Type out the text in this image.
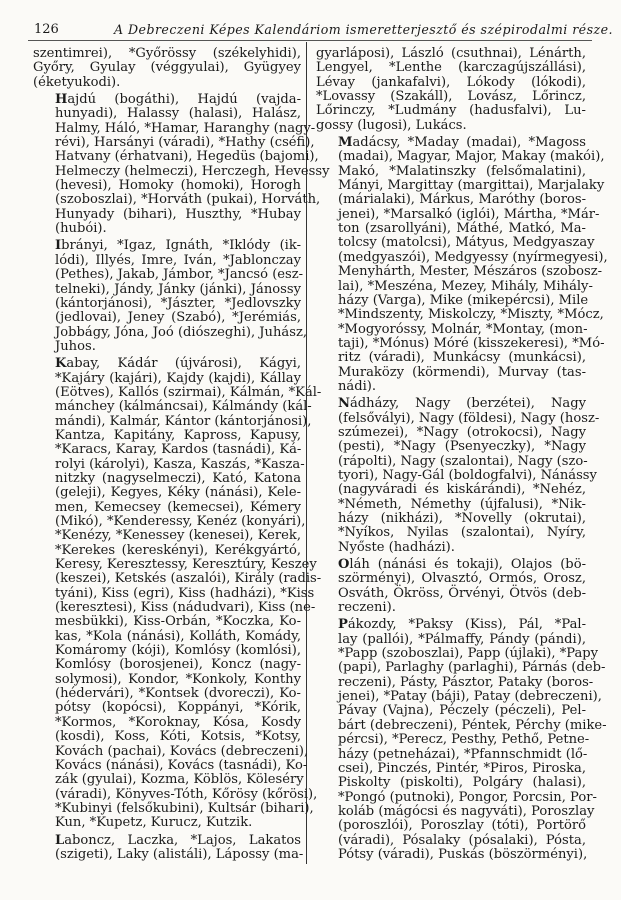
126	A Debreczeni Képes Kalendáriom ismeretterjesztő és szépirodalmi része.

szentimrei), *Győrössy (székelyhidi),
Győry, Gyulay (véggyulai), Gyügyey
(éketyukodi).

Hajdú (bogáthi), Hajdú (vajda-
hunyadi), Halassy (halasi), Halász,
Halmy, Háló, *Hamar, Haranghy (nagy-
révi), Harsányi (váradi), *Hathy (cséfi),
Hatvany (érhatvani), Hegedüs (bajomi),
Helmeczy (helmeczi), Herczegh, Hevessy
(hevesi), Homoky (homoki), Horogh
(szoboszlai), *Horváth (pukai), Horváth,
Hunyady (bihari), Huszthy, *Hubay
(hubói).

Ibrányi, *Igaz, Ignáth, *Iklódy (ik-
lódi), Illyés, Imre, Iván, *Jablonczay
(Pethes), Jakab, Jámbor, *Jancsó (esz-
telneki), Jándy, Jánky (jánki), Jánossy
(kántorjánosi), *Jászter, *Jedlovszky
(jedlovai), Jeney (Szabó), *Jerémiás,
Jobbágy, Jóna, Joó (diószeghi), Juhász,
Juhos.

Kabay, Kádár (újvárosi), Kágyi,
*Kajáry (kajári), Kajdy (kajdi), Kállay
(Eötves), Kallós (szirmai), Kálmán, *Kál-
mánchey (kálmáncsai), Kálmándy (kál-
mándi), Kalmár, Kántor (kántorjánosi),
Kantza, Kapitány, Kapross, Kapusy,
*Karacs, Karay, Kardos (tasnádi), Ká-
rolyi (károlyi), Kasza, Kaszás, *Kasza-
nitzky (nagyselmeczi), Kató, Katona
(geleji), Kegyes, Kéky (nánási), Kele-
men, Kemecsey (kemecsei), Kémery
(Mikó), *Kenderessy, Kenéz (konyári),
*Kenézy, *Kenessey (kenesei), Kerek,
*Kerekes (kereskényi), Kerékgyártó,
Keresy, Keresztessy, Keresztúry, Keszey
(keszei), Ketskés (aszalói), Király (radis-
tyáni), Kiss (egri), Kiss (hadházi), *Kiss
(keresztesi), Kiss (nádudvari), Kiss (ne-
mesbükki), Kiss-Orbán, *Koczka, Ko-
kas, *Kola (nánási), Kolláth, Komády,
Komáromy (kóji), Komlósy (komlósi),
Komlósy (borosjenei), Koncz (nagy-
solymosi), Kondor, *Konkoly, Konthy
(hédervári), *Kontsek (dvoreczi), Ko-
pótsy (kopócsi), Koppányi, *Kórik,
*Kormos, *Koroknay, Kósa, Kosdy
(kosdi), Koss, Kóti, Kotsis, *Kotsy,
Kovách (pachai), Kovács (debreczeni),
Kovács (nánási), Kovács (tasnádi), Ko-
zák (gyulai), Kozma, Köblös, Köleséry
(váradi), Könyves-Tóth, Kőrösy (kőrösi),
*Kubinyi (felsőkubini), Kultsár (bihari),
Kun, *Kupetz, Kurucz, Kutzik.

Laboncz, Laczka, *Lajos, Lakatos
(szigeti), Laky (alistáli), Lápossy (ma-

gyarláposi), László (csuthnai), Lénárth,
Lengyel, *Lenthe (karczagújszállási),
Lévay (jankafalvi), Lókody (lókodi),
*Lovassy (Szakáll), Lovász, Lőrincz,
Lőrinczy, *Ludmány (hadusfalvi), Lu-
gossy (lugosi), Lukács.

Madácsy, *Maday (madai), *Magoss
(madai), Magyar, Major, Makay (makói),
Makó, *Malatinszky (felsőmalatini),
Mányi, Margittay (margittai), Marjalaky
(márialaki), Márkus, Maróthy (boros-
jenei), *Marsalkó (iglói), Mártha, *Már-
ton (zsarollyáni), Máthé, Matkó, Ma-
tolcsy (matolcsi), Mátyus, Medgyaszay
(medgyaszói), Medgyessy (nyírmegyesi),
Menyhárth, Mester, Mészáros (szobosz-
lai), *Meszéna, Mezey, Mihály, Mihály-
házy (Varga), Mike (mikepércsi), Mile
*Mindszenty, Miskolczy, *Miszty, *Mócz,
*Mogyoróssy, Molnár, *Montay, (mon-
taji), *Mónus) Móré (kisszekeresi), *Mó-
ritz (váradi), Munkácsy (munkácsi),
Muraközy (körmendi), Murvay (tas-
nádi).

Nádházy, Nagy (berzétei), Nagy
(felsővályi), Nagy (földesi), Nagy (hosz-
szúmezei), *Nagy (otrokocsi), Nagy
(pesti), *Nagy (Psenyeczky), *Nagy
(rápolti), Nagy (szalontai), Nagy (szo-
tyori), Nagy-Gál (boldogfalvi), Nánássy
(nagyváradi és kiskárándi), *Nehéz,
*Németh, Némethy (újfalusi), *Nik-
házy (nikházi), *Novelly (okrutai),
*Nyíkos, Nyilas (szalontai), Nyíry,
Nyőste (hadházi).

Oláh (nánási és tokaji), Olajos (bö-
szörményi), Olvasztó, Ormós, Orosz,
Osváth, Ökröss, Örvényi, Ötvös (deb-
reczeni).

Pákozdy, *Paksy (Kiss), Pál, *Pal-
lay (pallói), *Pálmaffy, Pándy (pándi),
*Papp (szoboszlai), Papp (újlaki), *Papy
(papi), Parlaghy (parlaghi), Párnás (deb-
reczeni), Pásty, Pásztor, Pataky (boros-
jenei), *Patay (báji), Patay (debreczeni),
Pávay (Vajna), Péczely (péczeli), Pel-
bárt (debreczeni), Péntek, Pérchy (mike-
pércsi), *Perecz, Pesthy, Pethő, Petne-
házy (petneházai), *Pfannschmidt (lő-
csei), Pinczés, Pintér, *Piros, Piroska,
Piskolty (piskolti), Polgáry (halasi),
*Pongó (putnoki), Pongor, Porcsin, Por-
koláb (mágócsi és nagyváti), Poroszlay
(poroszlói), Poroszlay (tóti), Portörő
(váradi), Pósalaky (pósalaki), Pósta,
Pótsy (váradi), Puskás (böszörményi),
